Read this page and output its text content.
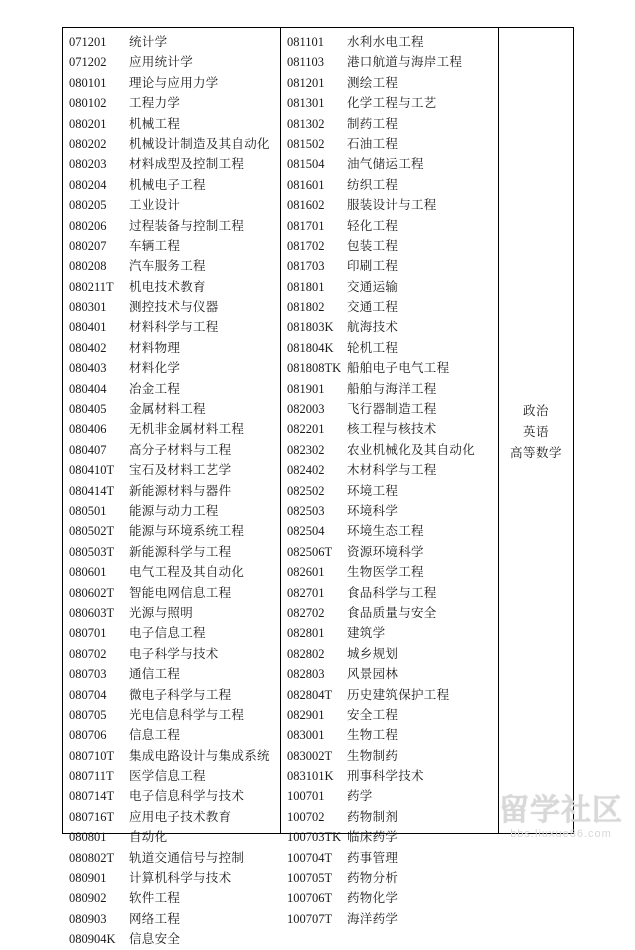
071201	统计学
071202	应用统计学
080101	理论与应用力学
080102	工程力学
080201	机械工程
080202	机械设计制造及其自动化
080203	材料成型及控制工程
080204	机械电子工程
080205	工业设计
080206	过程装备与控制工程
080207	车辆工程
080208	汽车服务工程
080211T	机电技术教育
080301	测控技术与仪器
080401	材料科学与工程
080402	材料物理
080403	材料化学
080404	冶金工程
080405	金属材料工程
080406	无机非金属材料工程
080407	高分子材料与工程
080410T	宝石及材料工艺学
080414T	新能源材料与器件
080501	能源与动力工程
080502T	能源与环境系统工程
080503T	新能源科学与工程
080601	电气工程及其自动化
080602T	智能电网信息工程
080603T	光源与照明
080701	电子信息工程
080702	电子科学与技术
080703	通信工程
080704	微电子科学与工程
080705	光电信息科学与工程
080706	信息工程
080710T	集成电路设计与集成系统
080711T	医学信息工程
080714T	电子信息科学与技术
080716T	应用电子技术教育
080801	自动化
080802T	轨道交通信号与控制
080901	计算机科学与技术
080902	软件工程
080903	网络工程
080904K	信息安全
081101	水利水电工程
081103	港口航道与海岸工程
081201	测绘工程
081301	化学工程与工艺
081302	制药工程
081502	石油工程
081504	油气储运工程
081601	纺织工程
081602	服装设计与工程
081701	轻化工程
081702	包装工程
081703	印刷工程
081801	交通运输
081802	交通工程
081803K	航海技术
081804K	轮机工程
081808TK 船舶电子电气工程
081901	船舶与海洋工程
082003	飞行器制造工程
082201	核工程与核技术
082302	农业机械化及其自动化
082402	木材科学与工程
082502	环境工程
082503	环境科学
082504	环境生态工程
082506T	资源环境科学
082601	生物医学工程
082701	食品科学与工程
082702	食品质量与安全
082801	建筑学
082802	城乡规划
082803	风景园林
082804T	历史建筑保护工程
082901	安全工程
083001	生物工程
083002T	生物制药
083101K	刑事科学技术
100701	药学
100702	药物制剂
100703TK 临床药学
100704T	药事管理
100705T	药物分析
100706T	药物化学
100707T	海洋药学
政治
英语
高等数学
留学社区
bbs.liuxue86.com
